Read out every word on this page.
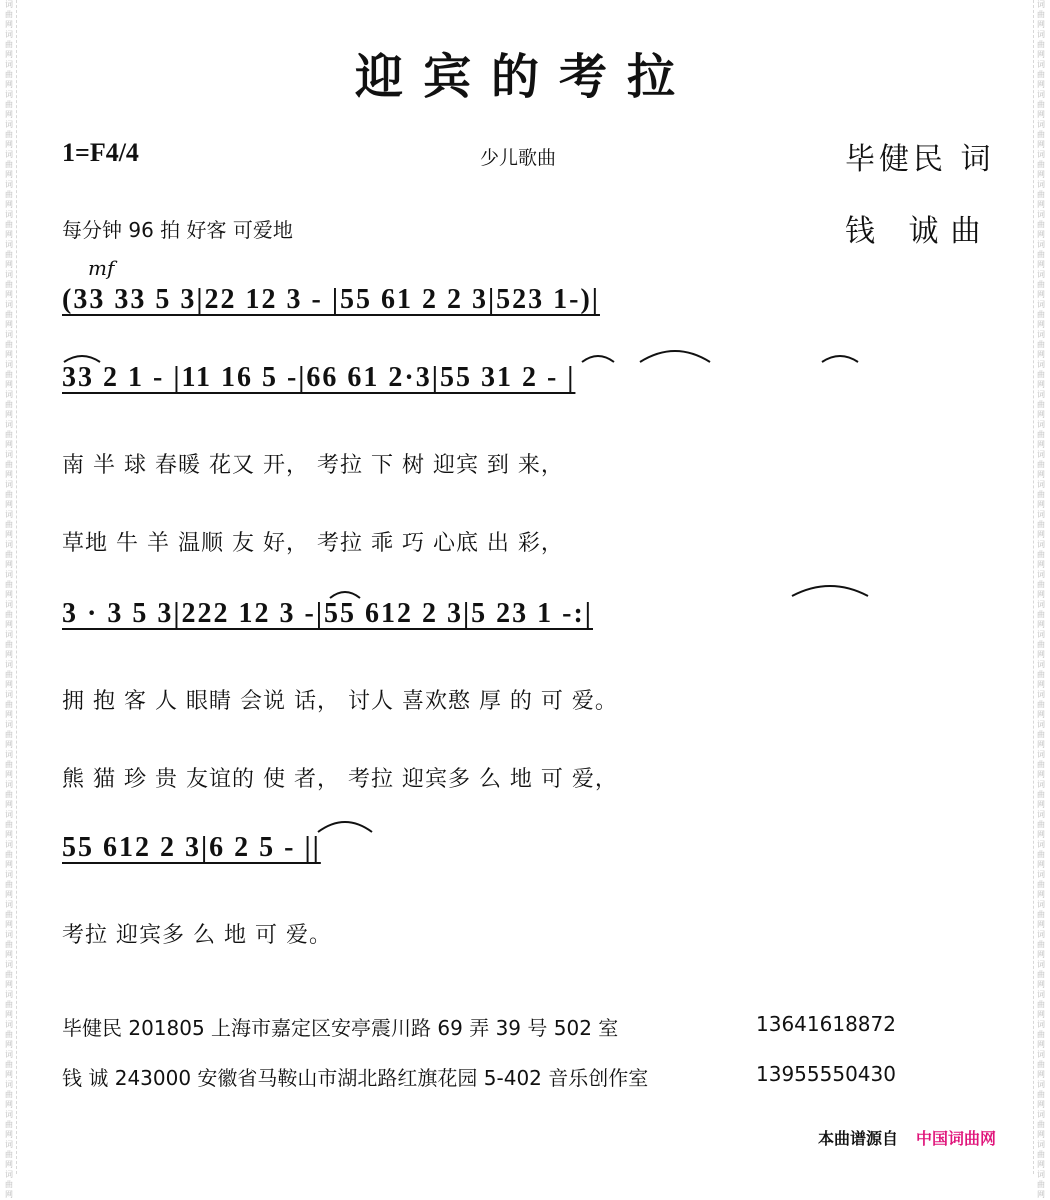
词曲网词曲网词曲网词曲网词曲网词曲网词曲网词曲网词曲网词曲网词曲网词曲网词曲网词曲网词曲网词曲网词曲网词曲网词曲网词曲网词曲网词曲网词曲网词曲网词曲网词曲网词曲网词曲网词曲网词曲网词曲网词曲网词曲网词曲网词曲网词曲网词曲网词曲网词曲网词曲网
词曲网词曲网词曲网词曲网词曲网词曲网词曲网词曲网词曲网词曲网词曲网词曲网词曲网词曲网词曲网词曲网词曲网词曲网词曲网词曲网词曲网词曲网词曲网词曲网词曲网词曲网词曲网词曲网词曲网词曲网词曲网词曲网词曲网词曲网词曲网词曲网词曲网词曲网词曲网词曲网
迎宾的考拉
1=F4/4	少儿歌曲	毕健民 词
钱 诚曲
每分钟 96 拍 好客 可爱地
mf
(33 33 5 3|22 12 3 - |55 61 2 2 3|523 1-)|
33 2 1 - |11 16 5 -|66 61 2·3|55 31 2 - |
南 半 球 春暖 花又 开， 考拉 下 树 迎宾 到 来，
草地 牛 羊 温顺 友 好， 考拉 乖 巧 心底 出 彩，
3 · 3 5 3|222 12 3 -|55 612 2 3|5 23 1 -:|
拥 抱 客 人 眼睛 会说 话， 讨人 喜欢憨 厚 的 可 爱。
熊 猫 珍 贵 友谊的 使 者， 考拉 迎宾多 么 地 可 爱，
55 612 2 3|6 2 5 - ||
考拉 迎宾多 么 地 可 爱。
毕健民 201805 上海市嘉定区安亭震川路 69 弄 39 号 502 室	13641618872
钱 诚 243000 安徽省马鞍山市湖北路红旗花园 5-402 音乐创作室	13955550430
本曲谱源自 中国词曲网
